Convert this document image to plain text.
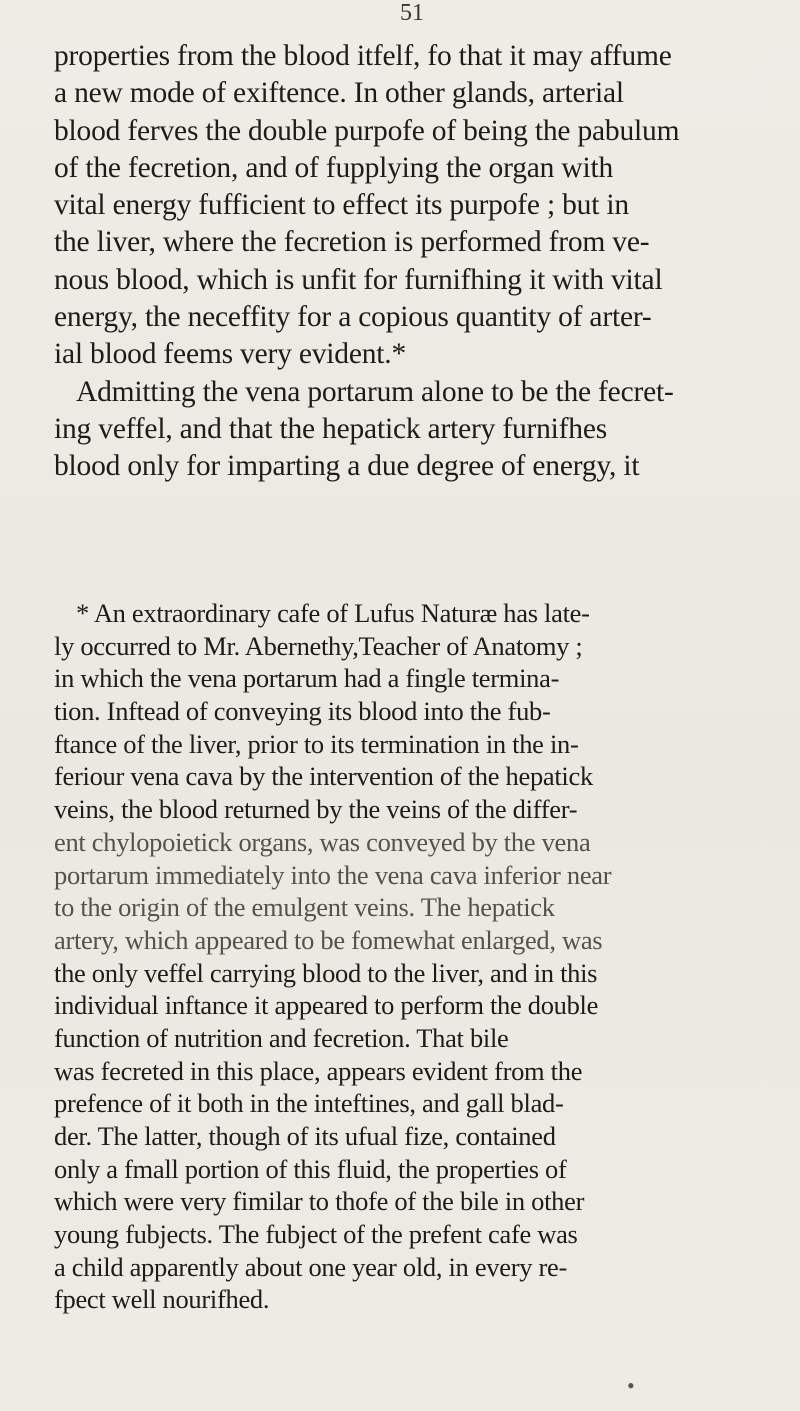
51
properties from the blood itfelf, fo that it may affume
a new mode of exiftence. In other glands, arterial
blood ferves the double purpofe of being the pabulum
of the fecretion, and of fupplying the organ with
vital energy fufficient to effect its purpofe ; but in
the liver, where the fecretion is performed from ve-
nous blood, which is unfit for furnifhing it with vital
energy, the neceffity for a copious quantity of arter-
ial blood feems very evident.*
Admitting the vena portarum alone to be the fecret-
ing veffel, and that the hepatick artery furnifhes
blood only for imparting a due degree of energy, it
* An extraordinary cafe of Lufus Naturæ has late-
ly occurred to Mr. Abernethy,Teacher of Anatomy ;
in which the vena portarum had a fingle termina-
tion. Inftead of conveying its blood into the fub-
ftance of the liver, prior to its termination in the in-
feriour vena cava by the intervention of the hepatick
veins, the blood returned by the veins of the differ-
ent chylopoietick organs, was conveyed by the vena
portarum immediately into the vena cava inferior near
to the origin of the emulgent veins. The hepatick
artery, which appeared to be fomewhat enlarged, was
the only veffel carrying blood to the liver, and in this
individual inftance it appeared to perform the double
function of nutrition and fecretion. That bile
was fecreted in this place, appears evident from the
prefence of it both in the inteftines, and gall blad-
der. The latter, though of its ufual fize, contained
only a fmall portion of this fluid, the properties of
which were very fimilar to thofe of the bile in other
young fubjects. The fubject of the prefent cafe was
a child apparently about one year old, in every re-
fpect well nourifhed.
•
